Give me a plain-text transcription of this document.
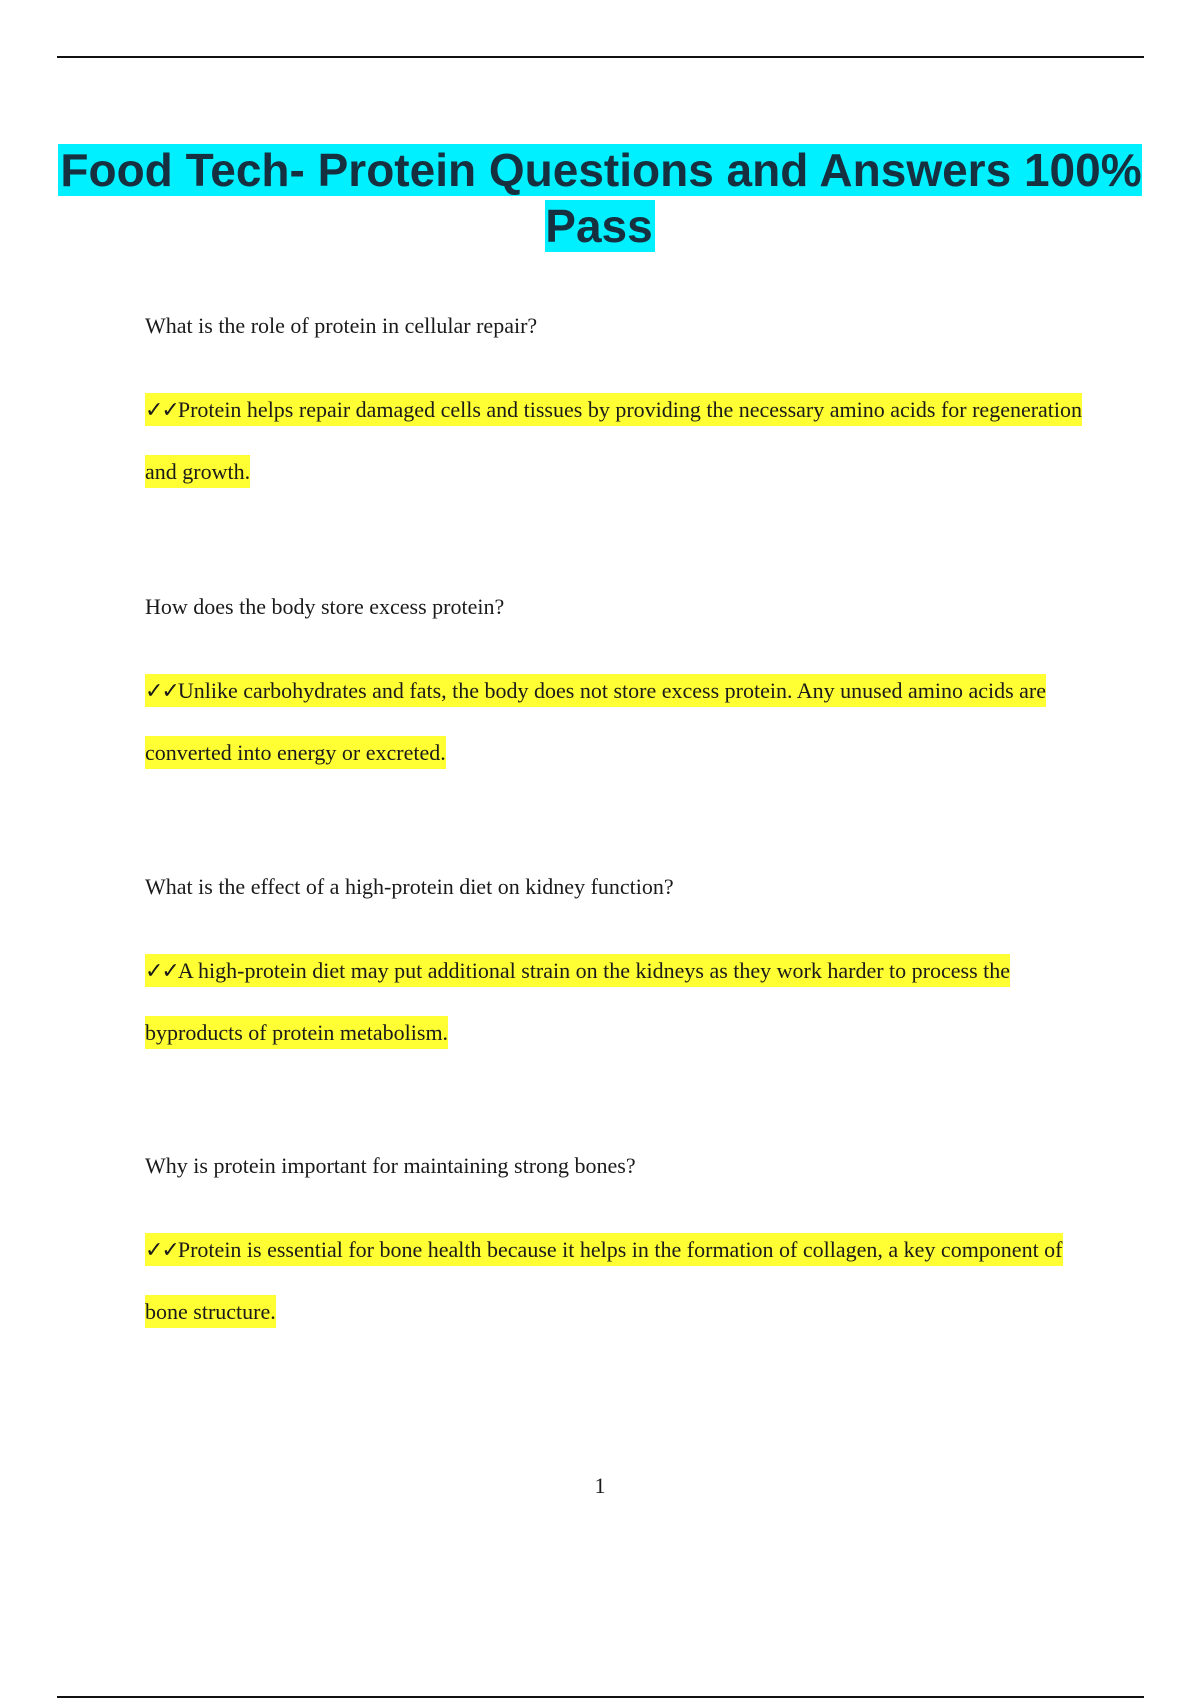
Food Tech- Protein Questions and Answers 100% Pass

What is the role of protein in cellular repair?

✓✓Protein helps repair damaged cells and tissues by providing the necessary amino acids for regeneration and growth.

How does the body store excess protein?

✓✓Unlike carbohydrates and fats, the body does not store excess protein. Any unused amino acids are converted into energy or excreted.

What is the effect of a high-protein diet on kidney function?

✓✓A high-protein diet may put additional strain on the kidneys as they work harder to process the byproducts of protein metabolism.

Why is protein important for maintaining strong bones?

✓✓Protein is essential for bone health because it helps in the formation of collagen, a key component of bone structure.

1
